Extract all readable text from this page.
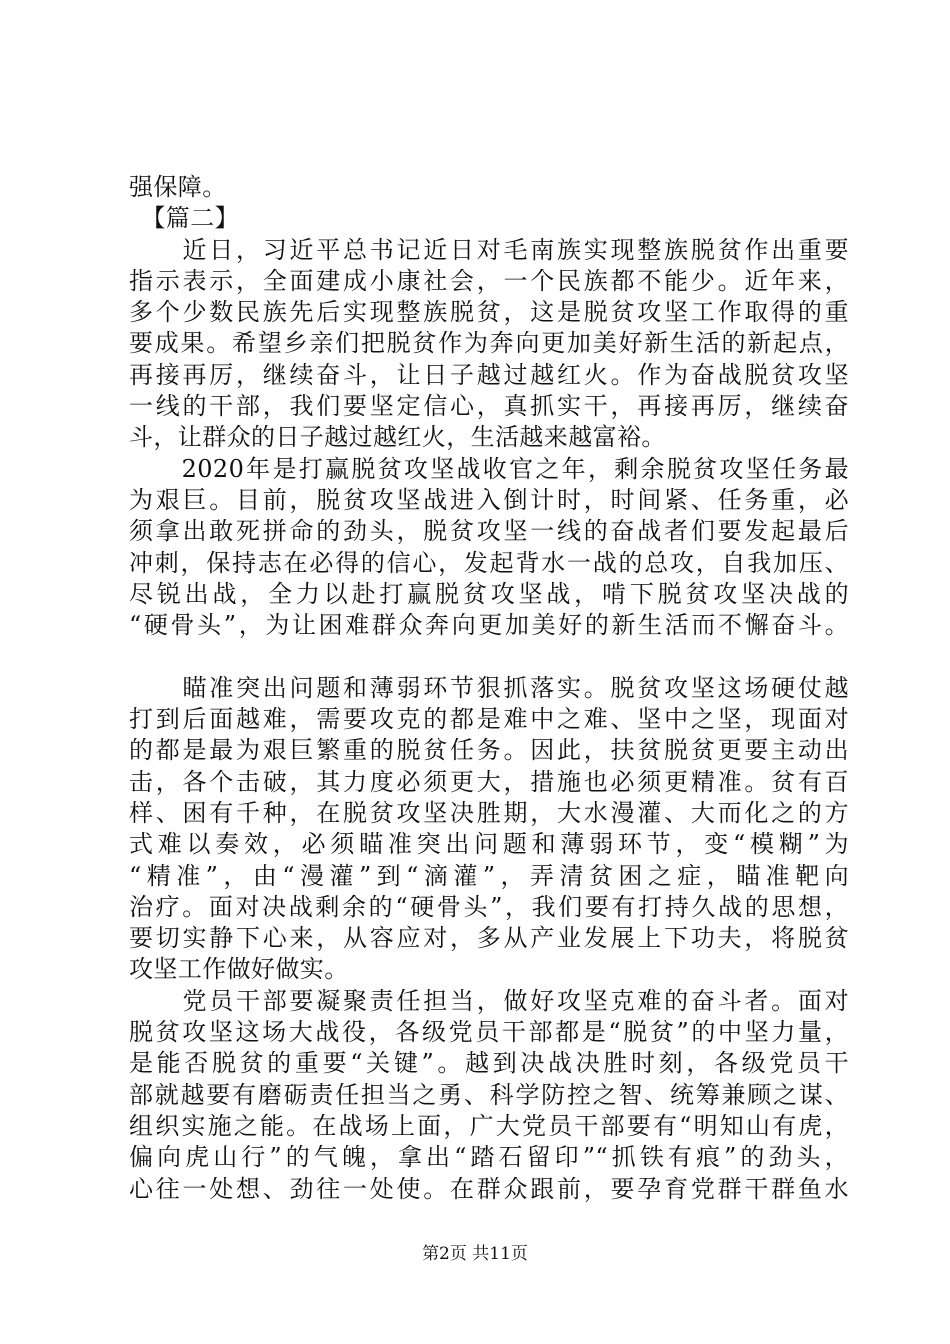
强保障。
　【篇二】
　　近日，习近平总书记近日对毛南族实现整族脱贫作出重要
指示表示，全面建成小康社会，一个民族都不能少。近年来，
多个少数民族先后实现整族脱贫，这是脱贫攻坚工作取得的重
要成果。希望乡亲们把脱贫作为奔向更加美好新生活的新起点，
再接再厉，继续奋斗，让日子越过越红火。作为奋战脱贫攻坚
一线的干部，我们要坚定信心，真抓实干，再接再厉，继续奋
斗，让群众的日子越过越红火，生活越来越富裕。
　　2020年是打赢脱贫攻坚战收官之年，剩余脱贫攻坚任务最
为艰巨。目前，脱贫攻坚战进入倒计时，时间紧、任务重，必
须拿出敢死拼命的劲头，脱贫攻坚一线的奋战者们要发起最后
冲刺，保持志在必得的信心，发起背水一战的总攻，自我加压、
尽锐出战，全力以赴打赢脱贫攻坚战，啃下脱贫攻坚决战的
“硬骨头”，为让困难群众奔向更加美好的新生活而不懈奋斗。
　　瞄准突出问题和薄弱环节狠抓落实。脱贫攻坚这场硬仗越
打到后面越难，需要攻克的都是难中之难、坚中之坚，现面对
的都是最为艰巨繁重的脱贫任务。因此，扶贫脱贫更要主动出
击，各个击破，其力度必须更大，措施也必须更精准。贫有百
样、困有千种，在脱贫攻坚决胜期，大水漫灌、大而化之的方
式难以奏效，必须瞄准突出问题和薄弱环节，变“模糊”为
“精准”，由“漫灌”到“滴灌”，弄清贫困之症，瞄准靶向
治疗。面对决战剩余的“硬骨头”，我们要有打持久战的思想，
要切实静下心来，从容应对，多从产业发展上下功夫，将脱贫
攻坚工作做好做实。
　　党员干部要凝聚责任担当，做好攻坚克难的奋斗者。面对
脱贫攻坚这场大战役，各级党员干部都是“脱贫”的中坚力量，
是能否脱贫的重要“关键”。越到决战决胜时刻，各级党员干
部就越要有磨砺责任担当之勇、科学防控之智、统筹兼顾之谋、
组织实施之能。在战场上面，广大党员干部要有“明知山有虎，
偏向虎山行”的气魄，拿出“踏石留印”“抓铁有痕”的劲头，
心往一处想、劲往一处使。在群众跟前，要孕育党群干群鱼水
第2页 共11页
